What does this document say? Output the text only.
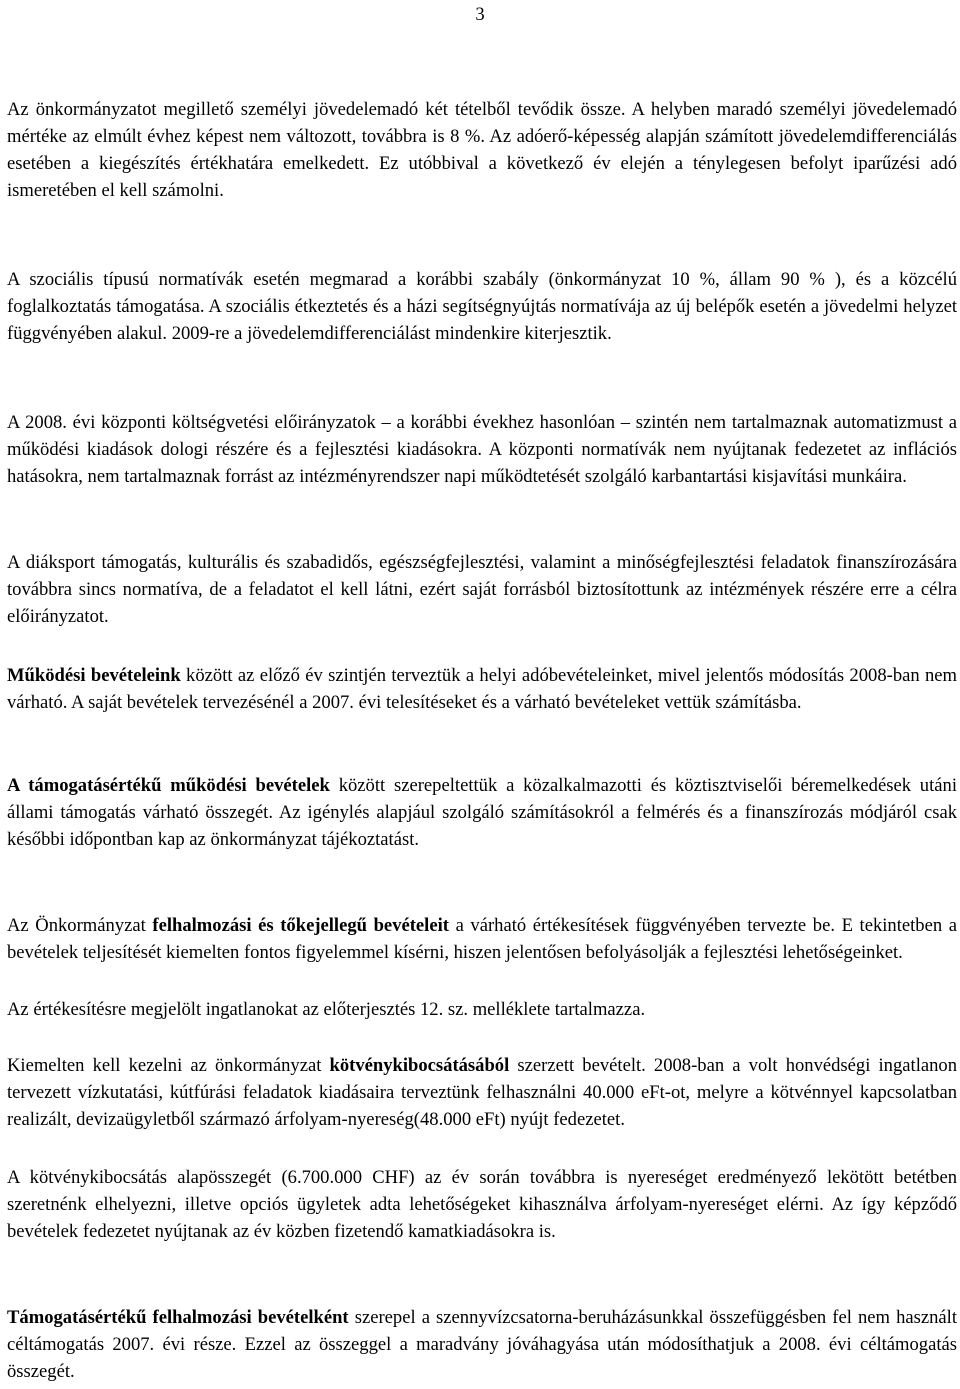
3

Az önkormányzatot megillető személyi jövedelemadó két tételből tevődik össze. A helyben maradó személyi jövedelemadó mértéke az elmúlt évhez képest nem változott, továbbra is 8 %. Az adóerő-képesség alapján számított jövedelemdifferenciálás esetében a kiegészítés értékhatára emelkedett. Ez utóbbival a következő év elején a ténylegesen befolyt iparűzési adó ismeretében el kell számolni.

A szociális típusú normatívák esetén megmarad a korábbi szabály (önkormányzat 10 %, állam 90 % ), és a közcélú foglalkoztatás támogatása. A szociális étkeztetés és a házi segítségnyújtás normatívája az új belépők esetén a jövedelmi helyzet függvényében alakul. 2009-re a jövedelemdifferenciálást mindenkire kiterjesztik.

A 2008. évi központi költségvetési előirányzatok – a korábbi évekhez hasonlóan – szintén nem tartalmaznak automatizmust a működési kiadások dologi részére és a fejlesztési kiadásokra. A központi normatívák nem nyújtanak fedezetet az inflációs hatásokra, nem tartalmaznak forrást az intézményrendszer napi működtetését szolgáló karbantartási kisjavítási munkáira.

A diáksport támogatás, kulturális és szabadidős, egészségfejlesztési, valamint a minőségfejlesztési feladatok finanszírozására továbbra sincs normatíva, de a feladatot el kell látni, ezért saját forrásból biztosítottunk az intézmények részére erre a célra előirányzatot.

Működési bevételeink között az előző év szintjén terveztük a helyi adóbevételeinket, mivel jelentős módosítás 2008-ban nem várható. A saját bevételek tervezésénél a 2007. évi telesítéseket és a várható bevételeket vettük számításba.

A támogatásértékű működési bevételek között szerepeltettük a közalkalmazotti és köztisztviselői béremelkedések utáni állami támogatás várható összegét. Az igénylés alapjául szolgáló számításokról a felmérés és a finanszírozás módjáról csak későbbi időpontban kap az önkormányzat tájékoztatást.

Az Önkormányzat felhalmozási és tőkejellegű bevételeit a várható értékesítések függvényében tervezte be. E tekintetben a bevételek teljesítését kiemelten fontos figyelemmel kísérni, hiszen jelentősen befolyásolják a fejlesztési lehetőségeinket.

Az értékesítésre megjelölt ingatlanokat az előterjesztés 12. sz. melléklete tartalmazza.

Kiemelten kell kezelni az önkormányzat kötvénykibocsátásából szerzett bevételt. 2008-ban a volt honvédségi ingatlanon tervezett vízkutatási, kútfúrási feladatok kiadásaira terveztünk felhasználni 40.000 eFt-ot, melyre a kötvénnyel kapcsolatban realizált, devizaügyletből származó árfolyam-nyereség(48.000 eFt) nyújt fedezetet.

A kötvénykibocsátás alapösszegét (6.700.000 CHF) az év során továbbra is nyereséget eredményező lekötött betétben szeretnénk elhelyezni, illetve opciós ügyletek adta lehetőségeket kihasználva árfolyam-nyereséget elérni. Az így képződő bevételek fedezetet nyújtanak az év közben fizetendő kamatkiadásokra is.

Támogatásértékű felhalmozási bevételként szerepel a szennyvízcsatorna-beruházásunkkal összefüggésben fel nem használt céltámogatás 2007. évi része. Ezzel az összeggel a maradvány jóváhagyása után módosíthatjuk a 2008. évi céltámogatás összegét.
